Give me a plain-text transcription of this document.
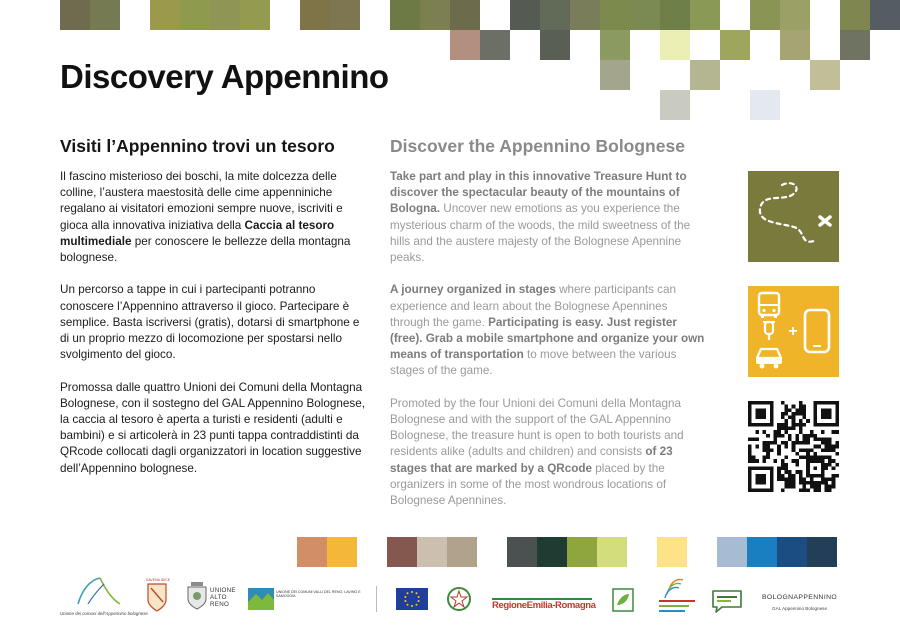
Discovery Appennino
Visiti l’Appennino trovi un tesoro

Il fascino misterioso dei boschi, la mite dolcezza delle colline, l’austera maestosità delle cime appenniniche regalano ai visitatori emozioni sempre nuove, iscriviti e gioca alla innovativa iniziativa della Caccia al tesoro multimediale per conoscere le bellezze della montagna bolognese.

Un percorso a tappe in cui i partecipanti potranno conoscere l’Appennino attraverso il gioco. Partecipare è semplice. Basta iscriversi (gratis), dotarsi di smartphone e di un proprio mezzo di locomozione per spostarsi nello svolgimento del gioco.

Promossa dalle quattro Unioni dei Comuni della Montagna Bolognese, con il sostegno del GAL Appennino Bolognese, la caccia al tesoro è aperta a turisti e residenti (adulti e bambini) e si articolerà in 23 punti tappa contraddistinti da QRcode collocati dagli organizzatori in location suggestive dell’Appennino bolognese.

Discover the Appennino Bolognese

Take part and play in this innovative Treasure Hunt to discover the spectacular beauty of the mountains of Bologna. Uncover new emotions as you experience the mysterious charm of the woods, the mild sweetness of the hills and the austere majesty of the Bolognese Apennine peaks.

A journey organized in stages where participants can experience and learn about the Bolognese Apennines through the game. Participating is easy. Just register (free). Grab a mobile smartphone and organize your own means of transportation to move between the various stages of the game.

Promoted by the four Unioni dei Comuni della Montagna Bolognese and with the support of the GAL Appennino Bolognese, the treasure hunt is open to both tourists and residents alike (adults and children) and consists of 23 stages that are marked by a QRcode placed by the organizers in some of the most wondrous locations of Bolognese Apennines.

+
Unione dei comuni dell’Appennino bolognese
SAVENA IDICE
UNIONE ALTO RENO
UNIONE DEI COMUNI VALLI DEL RENO, LAVINO E SAMOGGIA
RegioneEmilia-Romagna
BOLOGNAPPENNINO
GAL Appennino Bolognese
